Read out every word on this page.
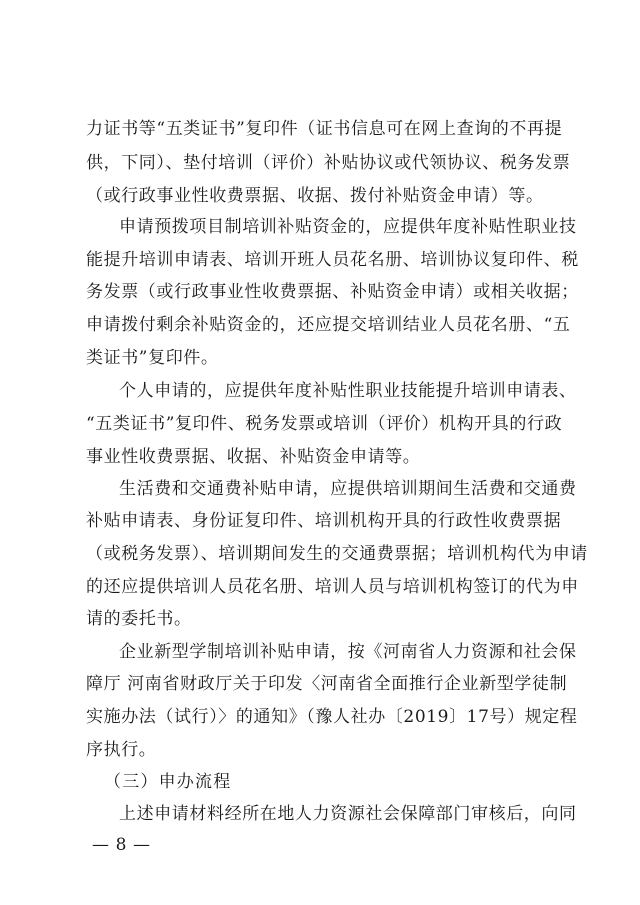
力证书等“五类证书”复印件（证书信息可在网上查询的不再提
供，下同）、垫付培训（评价）补贴协议或代领协议、税务发票
（或行政事业性收费票据、收据、拨付补贴资金申请）等。
申请预拨项目制培训补贴资金的，应提供年度补贴性职业技
能提升培训申请表、培训开班人员花名册、培训协议复印件、税
务发票（或行政事业性收费票据、补贴资金申请）或相关收据；
申请拨付剩余补贴资金的，还应提交培训结业人员花名册、“五
类证书”复印件。
个人申请的，应提供年度补贴性职业技能提升培训申请表、
“五类证书”复印件、税务发票或培训（评价）机构开具的行政
事业性收费票据、收据、补贴资金申请等。
生活费和交通费补贴申请，应提供培训期间生活费和交通费
补贴申请表、身份证复印件、培训机构开具的行政性收费票据
（或税务发票）、培训期间发生的交通费票据；培训机构代为申请
的还应提供培训人员花名册、培训人员与培训机构签订的代为申
请的委托书。
企业新型学制培训补贴申请，按《河南省人力资源和社会保
障厅 河南省财政厅关于印发〈河南省全面推行企业新型学徒制
实施办法（试行）〉的通知》（豫人社办〔2019〕17号）规定程
序执行。
（三）申办流程
上述申请材料经所在地人力资源社会保障部门审核后，向同
— 8 —
